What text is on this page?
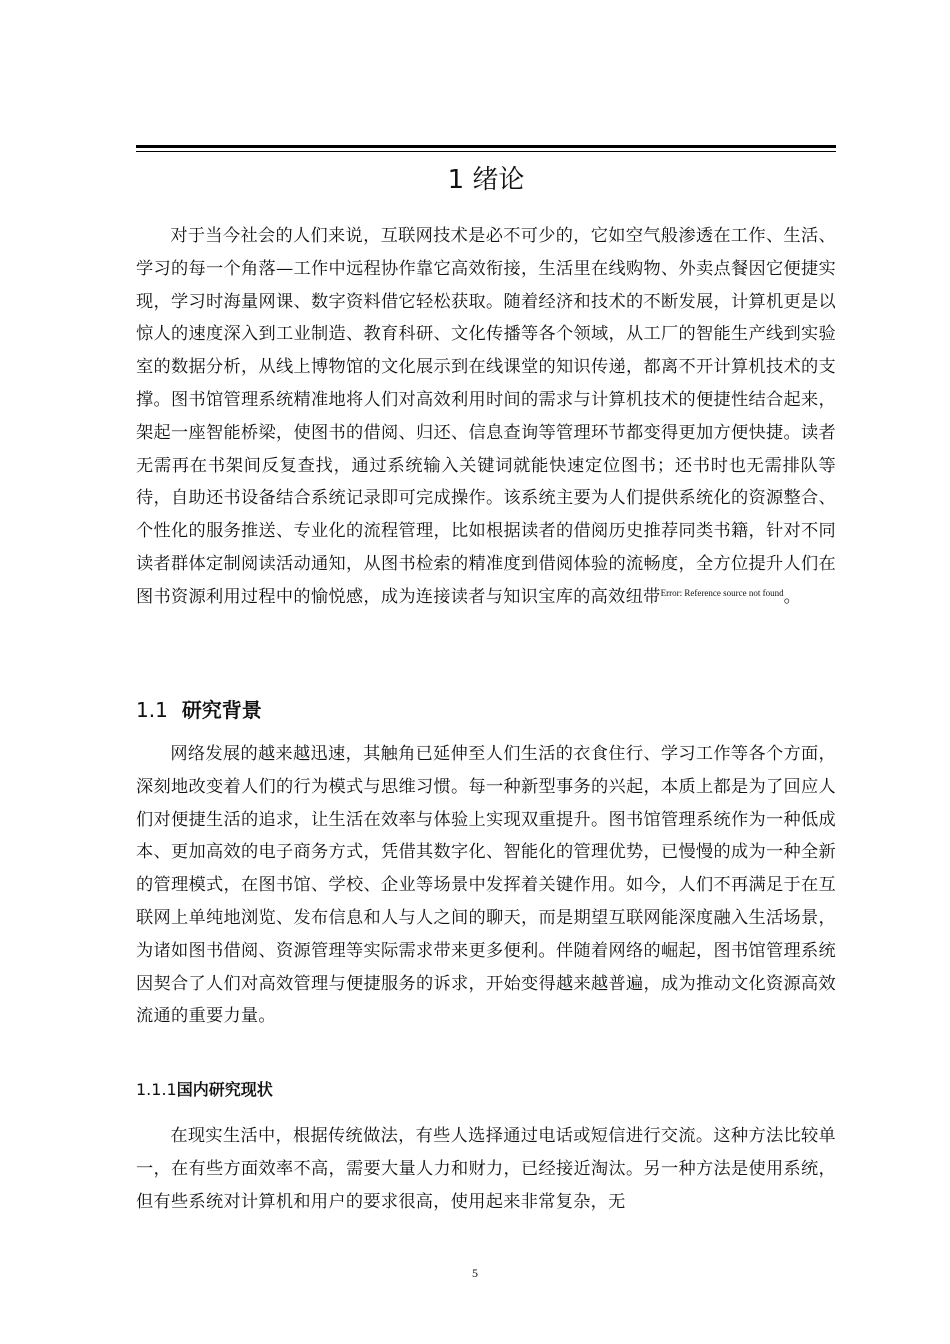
1 绪论

对于当今社会的人们来说，互联网技术是必不可少的，它如空气般渗透在工作、生活、学习的每一个角落—工作中远程协作靠它高效衔接，生活里在线购物、外卖点餐因它便捷实现，学习时海量网课、数字资料借它轻松获取。随着经济和技术的不断发展，计算机更是以惊人的速度深入到工业制造、教育科研、文化传播等各个领域，从工厂的智能生产线到实验室的数据分析，从线上博物馆的文化展示到在线课堂的知识传递，都离不开计算机技术的支撑。图书馆管理系统精准地将人们对高效利用时间的需求与计算机技术的便捷性结合起来，架起一座智能桥梁，使图书的借阅、归还、信息查询等管理环节都变得更加方便快捷。读者无需再在书架间反复查找，通过系统输入关键词就能快速定位图书；还书时也无需排队等待，自助还书设备结合系统记录即可完成操作。该系统主要为人们提供系统化的资源整合、个性化的服务推送、专业化的流程管理，比如根据读者的借阅历史推荐同类书籍，针对不同读者群体定制阅读活动通知，从图书检索的精准度到借阅体验的流畅度，全方位提升人们在图书资源利用过程中的愉悦感，成为连接读者与知识宝库的高效纽带$^{Error: Reference source not found}$。

1.1 研究背景

网络发展的越来越迅速，其触角已延伸至人们生活的衣食住行、学习工作等各个方面，深刻地改变着人们的行为模式与思维习惯。每一种新型事务的兴起，本质上都是为了回应人们对便捷生活的追求，让生活在效率与体验上实现双重提升。图书馆管理系统作为一种低成本、更加高效的电子商务方式，凭借其数字化、智能化的管理优势，已慢慢的成为一种全新的管理模式，在图书馆、学校、企业等场景中发挥着关键作用。如今，人们不再满足于在互联网上单纯地浏览、发布信息和人与人之间的聊天，而是期望互联网能深度融入生活场景，为诸如图书借阅、资源管理等实际需求带来更多便利。伴随着网络的崛起，图书馆管理系统因契合了人们对高效管理与便捷服务的诉求，开始变得越来越普遍，成为推动文化资源高效流通的重要力量。

1.1.1国内研究现状

在现实生活中，根据传统做法，有些人选择通过电话或短信进行交流。这种方法比较单一，在有些方面效率不高，需要大量人力和财力，已经接近淘汰。另一种方法是使用系统，但有些系统对计算机和用户的要求很高，使用起来非常复杂，无

5
